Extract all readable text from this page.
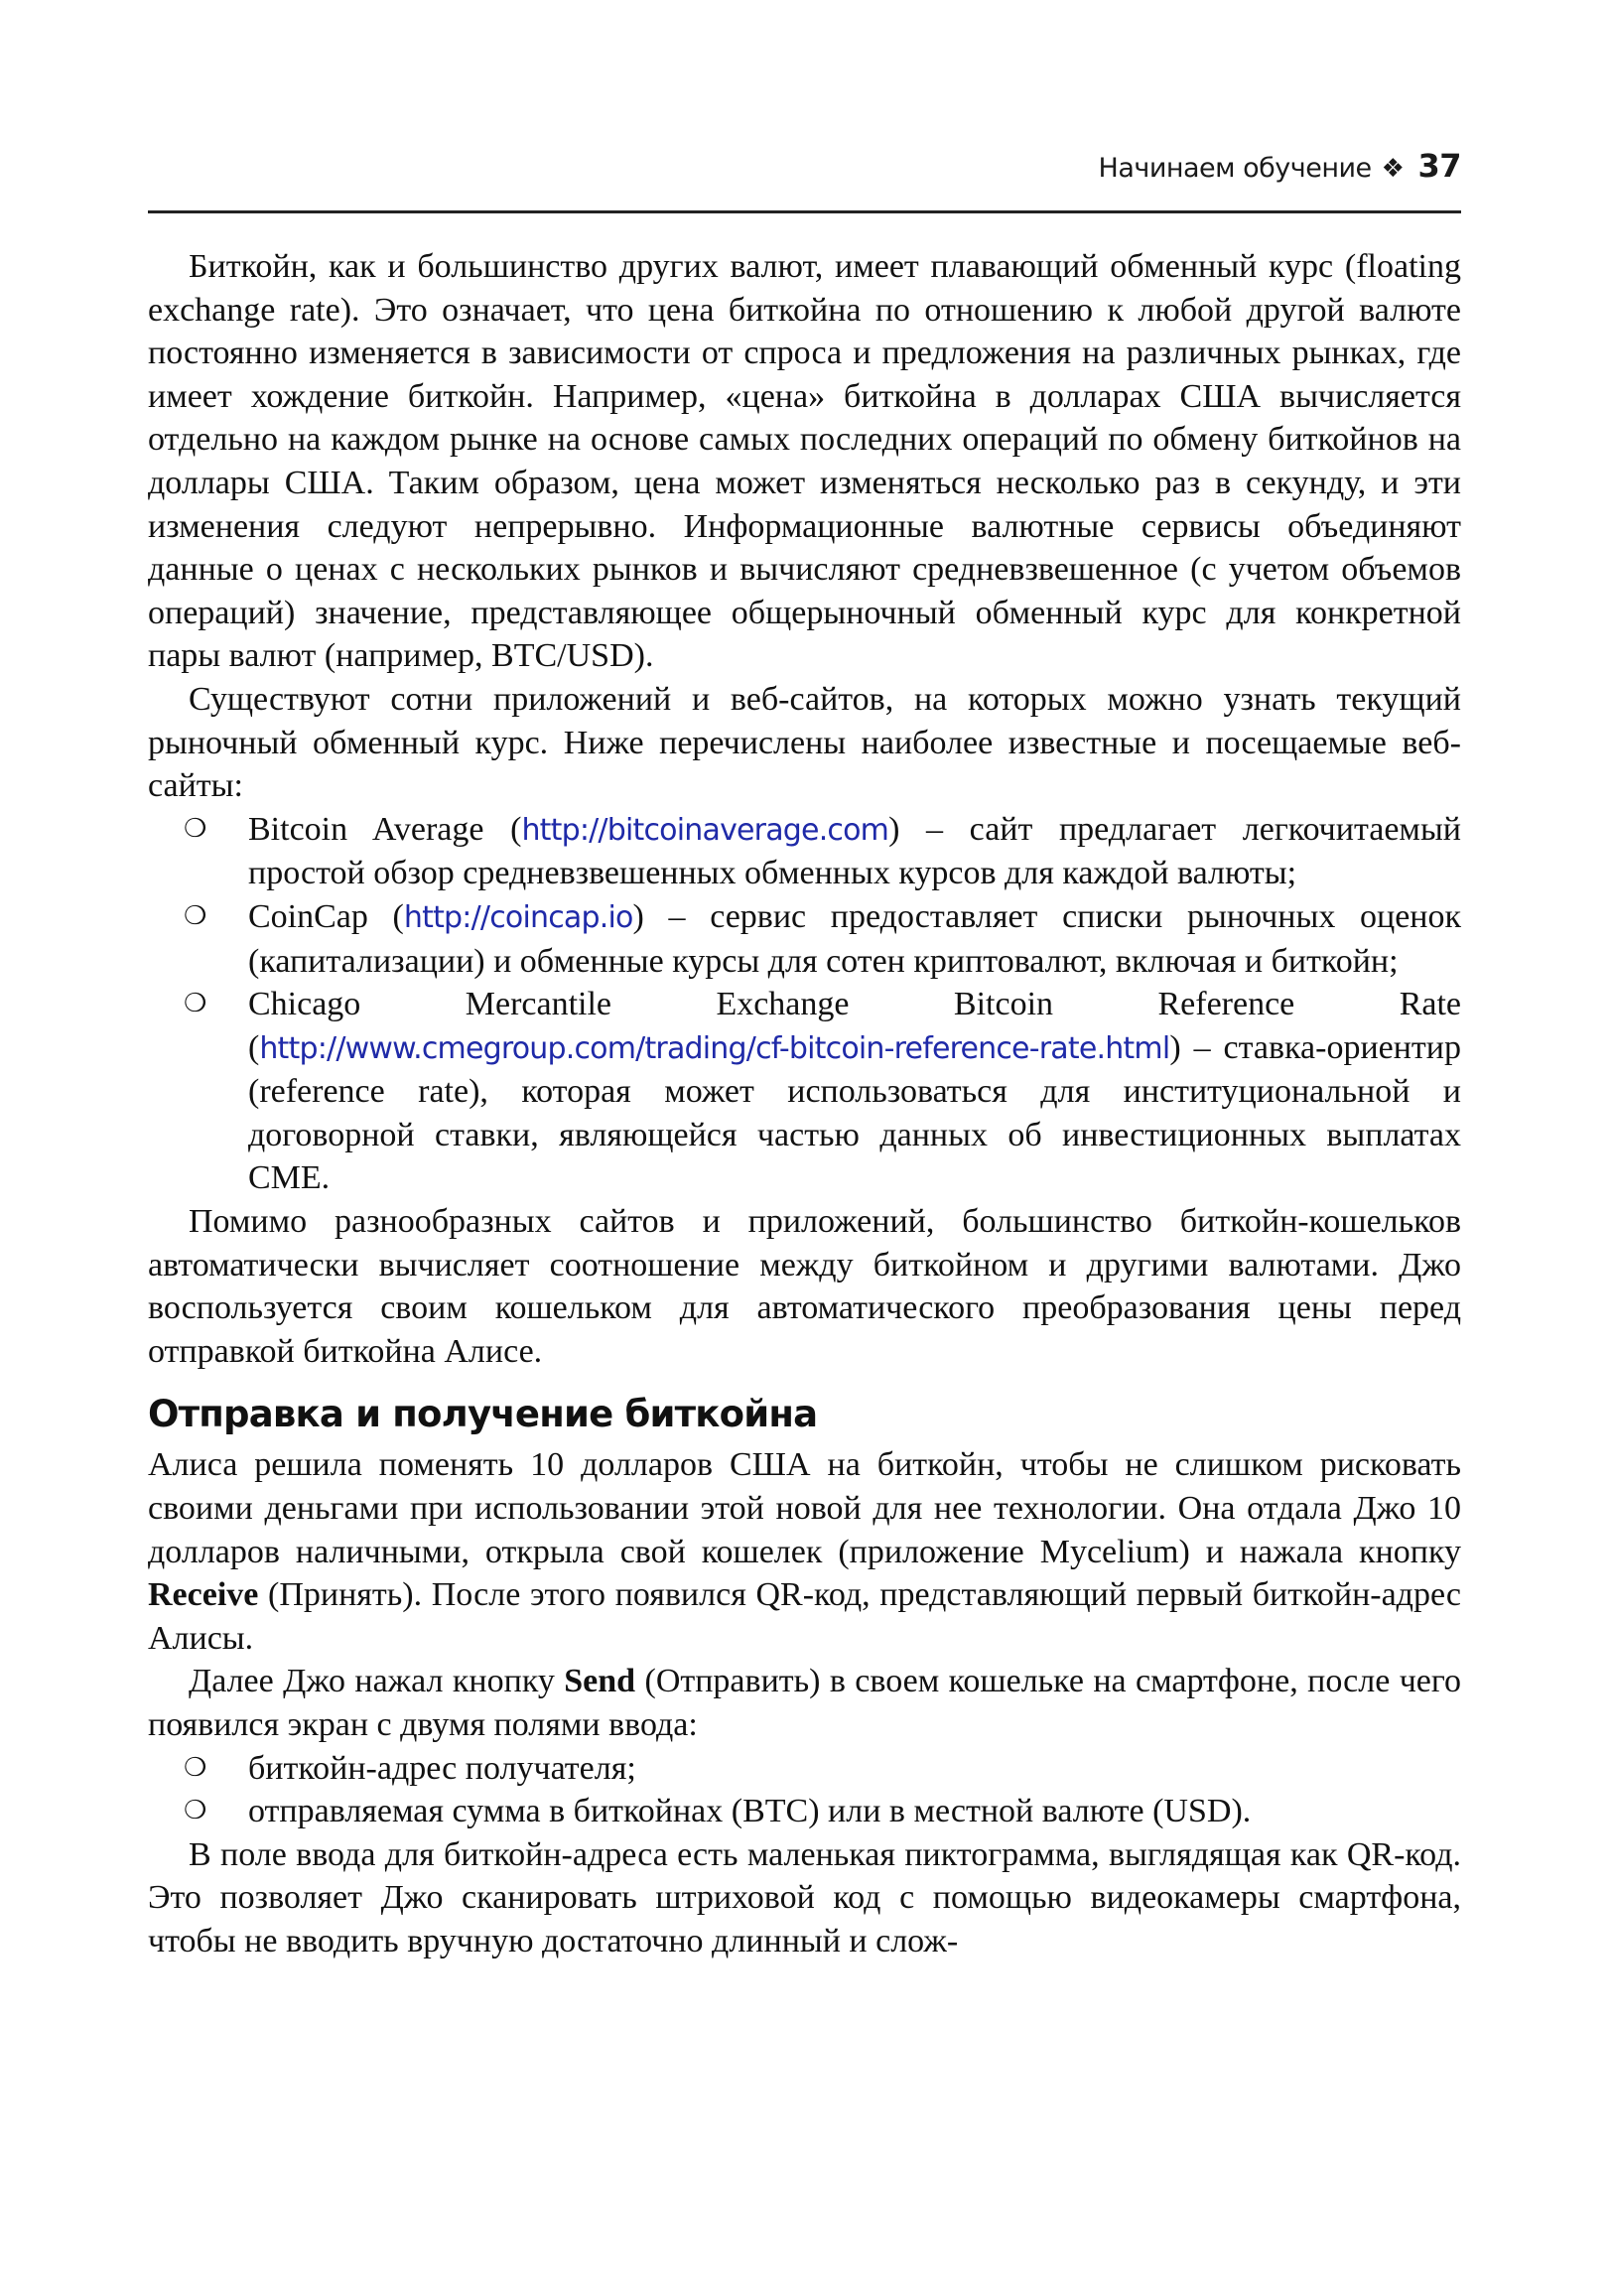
Начинаем обучение ❖ 37

Биткойн, как и большинство других валют, имеет плавающий обменный курс (floating exchange rate). Это означает, что цена биткойна по отношению к любой другой валюте постоянно изменяется в зависимости от спроса и предложения на различных рынках, где имеет хождение биткойн. Например, «цена» биткойна в долларах США вычисляется отдельно на каждом рынке на основе самых последних операций по обмену биткойнов на доллары США. Таким образом, цена может изменяться несколько раз в секунду, и эти изменения следуют непрерывно. Информационные валютные сервисы объединяют данные о ценах с нескольких рынков и вычисляют средневзвешенное (с учетом объемов операций) значение, представляющее общерыночный обменный курс для конкретной пары валют (например, BTC/USD).

Существуют сотни приложений и веб-сайтов, на которых можно узнать текущий рыночный обменный курс. Ниже перечислены наиболее известные и посещаемые веб-сайты:

❍ Bitcoin Average (http://bitcoinaverage.com) – сайт предлагает легкочитаемый простой обзор средневзвешенных обменных курсов для каждой валюты;
❍ CoinCap (http://coincap.io) – сервис предоставляет списки рыночных оценок (капитализации) и обменные курсы для сотен криптовалют, включая и биткойн;
❍ Chicago Mercantile Exchange Bitcoin Reference Rate (http://www.cmegroup.com/trading/cf-bitcoin-reference-rate.html) – ставка-ориентир (reference rate), которая может использоваться для институциональной и договорной ставки, являющейся частью данных об инвестиционных выплатах CME.

Помимо разнообразных сайтов и приложений, большинство биткойн-кошельков автоматически вычисляет соотношение между биткойном и другими валютами. Джо воспользуется своим кошельком для автоматического преобразования цены перед отправкой биткойна Алисе.

Отправка и получение биткойна

Алиса решила поменять 10 долларов США на биткойн, чтобы не слишком рисковать своими деньгами при использовании этой новой для нее технологии. Она отдала Джо 10 долларов наличными, открыла свой кошелек (приложение Mycelium) и нажала кнопку Receive (Принять). После этого появился QR-код, представляющий первый биткойн-адрес Алисы.

Далее Джо нажал кнопку Send (Отправить) в своем кошельке на смартфоне, после чего появился экран с двумя полями ввода:

❍ биткойн-адрес получателя;
❍ отправляемая сумма в биткойнах (BTC) или в местной валюте (USD).

В поле ввода для биткойн-адреса есть маленькая пиктограмма, выглядящая как QR-код. Это позволяет Джо сканировать штриховой код с помощью видеокамеры смартфона, чтобы не вводить вручную достаточно длинный и слож-
